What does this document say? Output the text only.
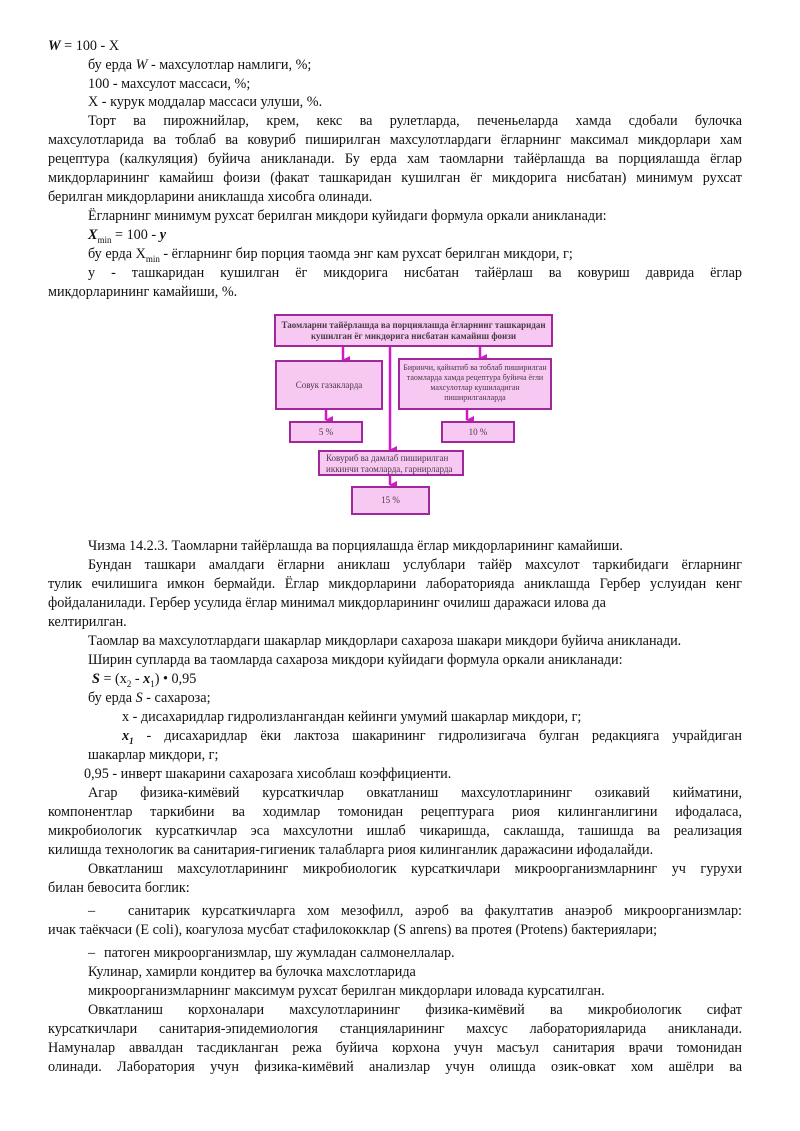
W = 100 - X
бу ерда W - махсулотлар намлиги, %;
100 - махсулот массаси, %;
Х - курук моддалар массаси улуши, %.
Торт ва пирожнийлар, крем, кекс ва рулетларда, печеньеларда хамда сдобали булочка
махсулотларида ва тоблаб ва ковуриб пиширилган махсулотлардаги ёгларнинг максимал микдорлари хам
рецептура (калкуляция) буйича аникланади. Бу ерда хам таомларни тайёрлашда ва порциялашда ёглар
микдорларининг камайиш фоизи (факат ташкаридан кушилган ёг микдорига нисбатан) минимум рухсат
берилган микдорларини аниклашда хисобга олинади.
Ёгларнинг минимум рухсат берилган микдори куйидаги формула оркали аникланади:
$X_{min} = 100 - у$
бу ерда $X_{min}$ - ёгларнинг бир порция таомда энг кам рухсат берилган микдори, г;
у - ташкаридан кушилган ёг микдорига нисбатан тайёрлаш ва ковуриш даврида ёглар
микдорларининг камайиши, %.
Таомларни тайёрлашда ва порциялашда ёгларнинг ташкаридан кушилган ёг микдорига нисбатан камайиш фоизи
Совук газакларда
Биринчи, қайнатиб ва тоблаб пиширилган таомларда хамда рецептура буйича ёгли махсулотлар кушиладиган пиширилганларда
5 %	10 %
Ковуриб ва дамлаб пиширилган иккинчи таомларда, гарнирларда
15 %
Чизма 14.2.3. Таомларни тайёрлашда ва порциялашда ёглар микдорларининг камайиши.
Бундан ташкари амалдаги ёгларни аниклаш услублари тайёр махсулот таркибидаги ёгларнинг
тулик ечилишига имкон бермайди. Ёглар микдорларини лабораторияда аниклашда Гербер услуидан кенг
фойдаланилади. Гербер усулида ёглар минимал микдорларининг очилиш даражаси илова да
келтирилган.
Таомлар ва махсулотлардаги шакарлар микдорлари сахароза шакари микдори буйича аникланади.
Ширин супларда ва таомларда сахароза микдори куйидаги формула оркали аникланади:
$S = (x_2 - x_1)$ • 0,95
бу ерда S - сахароза;
х - дисахаридлар гидролизлангандан кейинги умумий шакарлар микдори, г;
$x_1$ - дисахаридлар ёки лактоза шакарининг гидролизигача булган редакцияга учрайдиган
шакарлар микдори, г;
0,95 - инверт шакарини сахарозага хисоблаш коэффициенти.
Агар физика-кимёвий курсаткичлар овкатланиш махсулотларининг озикавий кийматини,
компонентлар таркибини ва ходимлар томонидан рецептурага риоя килинганлигини ифодаласа,
микробиологик курсаткичлар эса махсулотни ишлаб чикаришда, саклашда, ташишда ва реализация
килишда технологик ва санитария-гигиеник талабларга риоя килинганлик даражасини ифодалайди.
Овкатланиш махсулотларининг микробиологик курсаткичлари микроорганизмларнинг уч гурухи
билан бевосита боглик:
–	санитарик курсаткичларга хом мезофилл, аэроб ва факултатив анаэроб микроорганизмлар:
ичак таёкчаси (Е coli), коагулоза мусбат стафилококклар (S anrens) ва протея (Protens) бактериялари;
– патоген микроорганизмлар, шу жумладан салмонеллалар.
Кулинар, хамирли кондитер ва булочка махслотларида
микроорганизмларнинг максимум рухсат берилган микдорлари иловада курсатилган.
Овкатланиш корхоналари махсулотларининг физика-кимёвий ва микробиологик сифат
курсаткичлари санитария-эпидемиология станцияларининг махсус лабораторияларида аникланади.
Намуналар аввалдан тасдикланган режа буйича корхона учун масъул санитария врачи томонидан
олинади. Лаборатория учун физика-кимёвий анализлар учун олишда озик-овкат хом ашёлри ва
